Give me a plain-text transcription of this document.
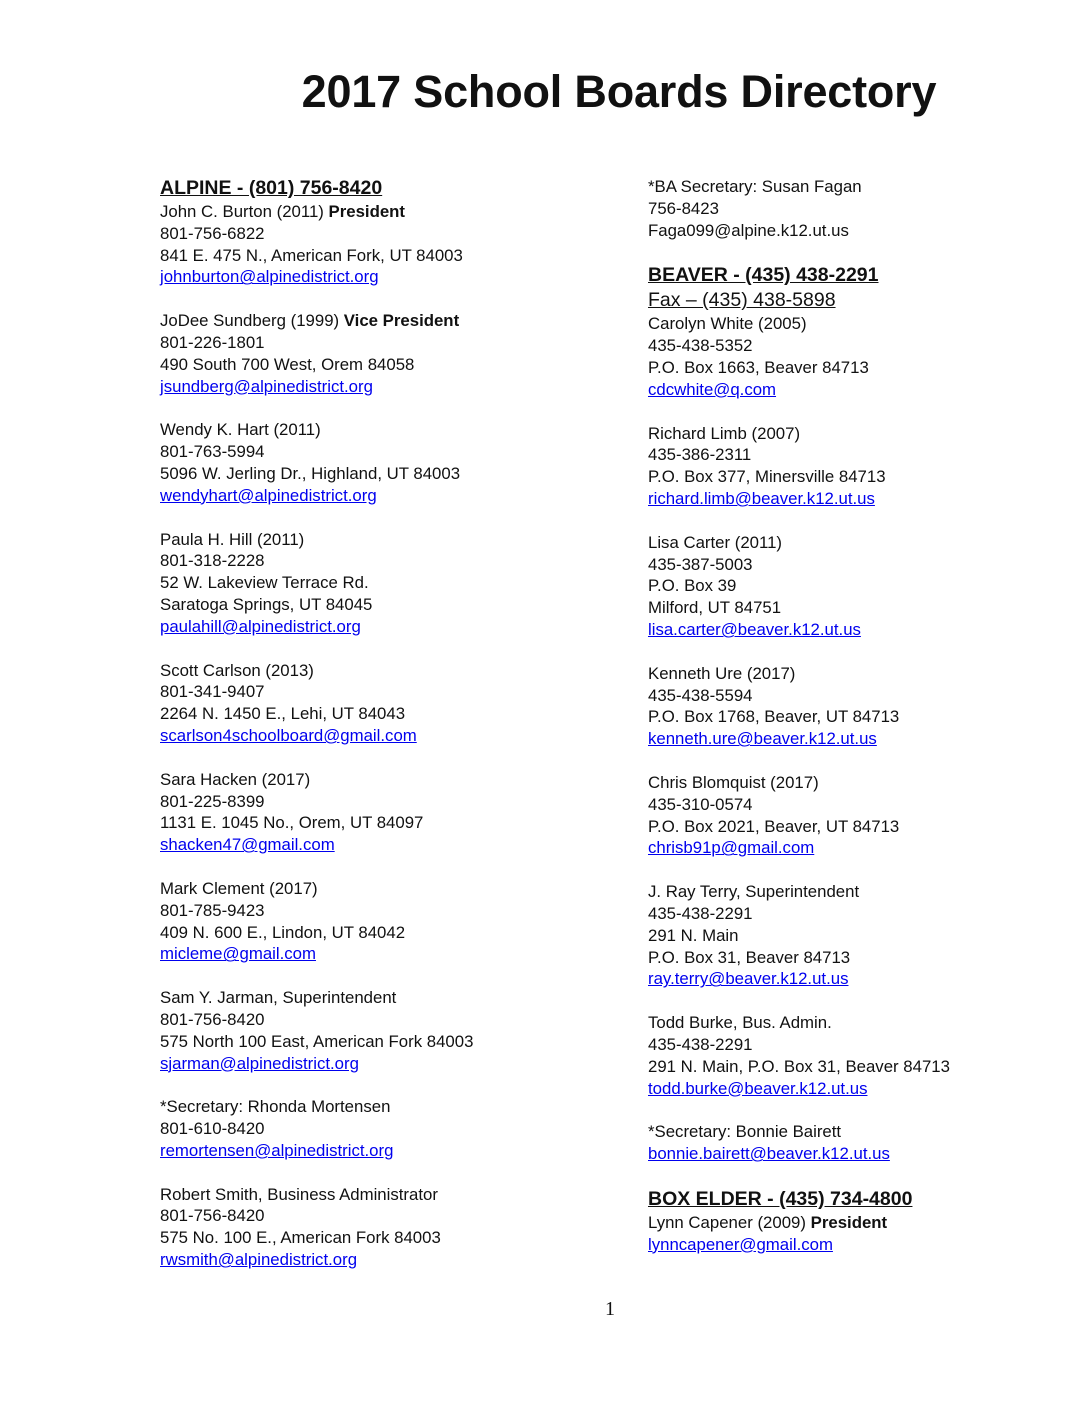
2017 School Boards Directory
ALPINE - (801) 756-8420
John C. Burton (2011) President
801-756-6822
841 E. 475 N., American Fork, UT 84003
johnburton@alpinedistrict.org
JoDee Sundberg (1999) Vice President
801-226-1801
490 South 700 West, Orem 84058
jsundberg@alpinedistrict.org
Wendy K. Hart (2011)
801-763-5994
5096 W. Jerling Dr., Highland, UT 84003
wendyhart@alpinedistrict.org
Paula H. Hill (2011)
801-318-2228
52 W. Lakeview Terrace Rd.
Saratoga Springs, UT 84045
paulahill@alpinedistrict.org
Scott Carlson (2013)
801-341-9407
2264 N. 1450 E., Lehi, UT 84043
scarlson4schoolboard@gmail.com
Sara Hacken (2017)
801-225-8399
1131 E. 1045 No., Orem, UT 84097
shacken47@gmail.com
Mark Clement (2017)
801-785-9423
409 N. 600 E., Lindon, UT 84042
micleme@gmail.com
Sam Y. Jarman, Superintendent
801-756-8420
575 North 100 East, American Fork 84003
sjarman@alpinedistrict.org
*Secretary: Rhonda Mortensen
801-610-8420
remortensen@alpinedistrict.org
Robert Smith, Business Administrator
801-756-8420
575 No. 100 E., American Fork 84003
rwsmith@alpinedistrict.org
*BA Secretary: Susan Fagan
756-8423
Faga099@alpine.k12.ut.us
BEAVER - (435) 438-2291
Fax – (435) 438-5898
Carolyn White (2005)
435-438-5352
P.O. Box 1663, Beaver 84713
cdcwhite@q.com
Richard Limb (2007)
435-386-2311
P.O. Box 377, Minersville 84713
richard.limb@beaver.k12.ut.us
Lisa Carter (2011)
435-387-5003
P.O. Box 39
Milford, UT 84751
lisa.carter@beaver.k12.ut.us
Kenneth Ure (2017)
435-438-5594
P.O. Box 1768, Beaver, UT 84713
kenneth.ure@beaver.k12.ut.us
Chris Blomquist (2017)
435-310-0574
P.O. Box 2021, Beaver, UT 84713
chrisb91p@gmail.com
J. Ray Terry, Superintendent
435-438-2291
291 N. Main
P.O. Box 31, Beaver 84713
ray.terry@beaver.k12.ut.us
Todd Burke, Bus. Admin.
435-438-2291
291 N. Main, P.O. Box 31, Beaver 84713
todd.burke@beaver.k12.ut.us
*Secretary: Bonnie Bairett
bonnie.bairett@beaver.k12.ut.us
BOX ELDER - (435) 734-4800
Lynn Capener (2009) President
lynncapener@gmail.com
1
